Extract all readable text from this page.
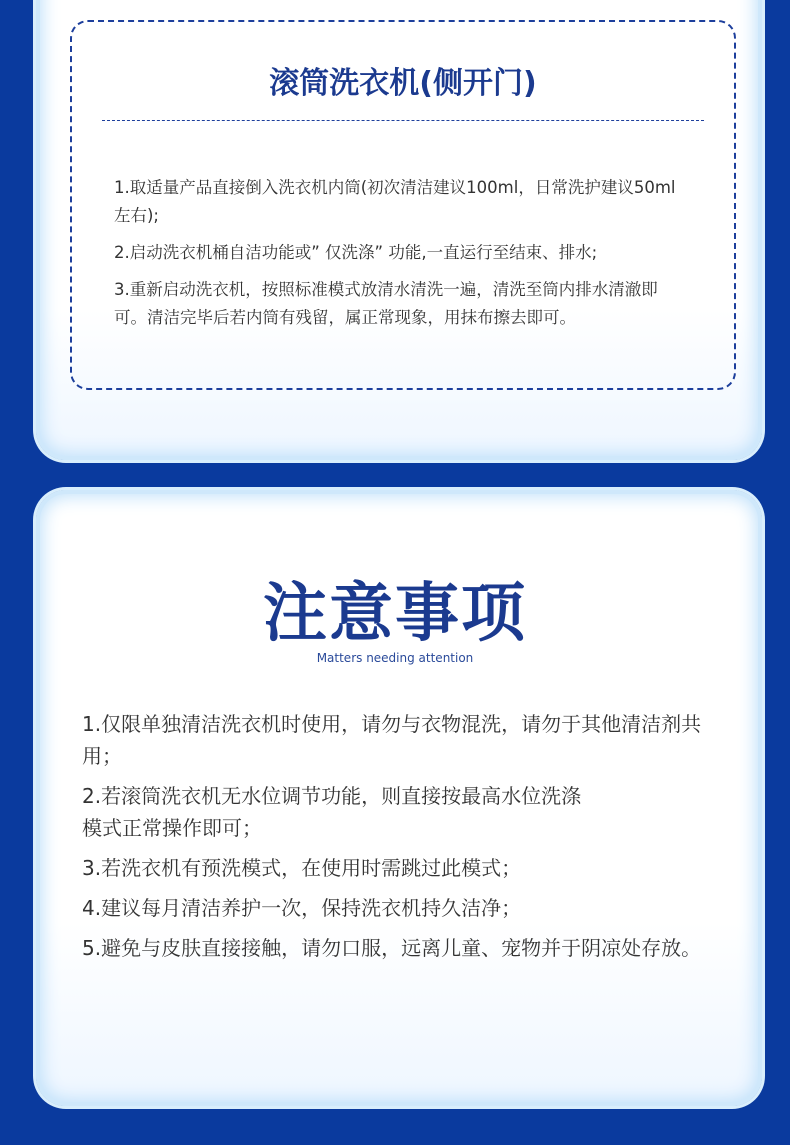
滚筒洗衣机(侧开门)

1.取适量产品直接倒入洗衣机内筒(初次清洁建议100ml，日常洗护建议50ml左右);

2.启动洗衣机桶自洁功能或” 仅洗涤” 功能,一直运行至结束、排水;

3.重新启动洗衣机，按照标准模式放清水清洗一遍，清洗至筒内排水清澈即可。清洁完毕后若内筒有残留，属正常现象，用抹布擦去即可。

注意事项
Matters needing attention

1.仅限单独清洁洗衣机时使用，请勿与衣物混洗，请勿于其他清洁剂共用；

2.若滚筒洗衣机无水位调节功能，则直接按最高水位洗涤

模式正常操作即可；

3.若洗衣机有预洗模式，在使用时需跳过此模式；

4.建议每月清洁养护一次，保持洗衣机持久洁净；

5.避免与皮肤直接接触，请勿口服，远离儿童、宠物并于阴凉处存放。
